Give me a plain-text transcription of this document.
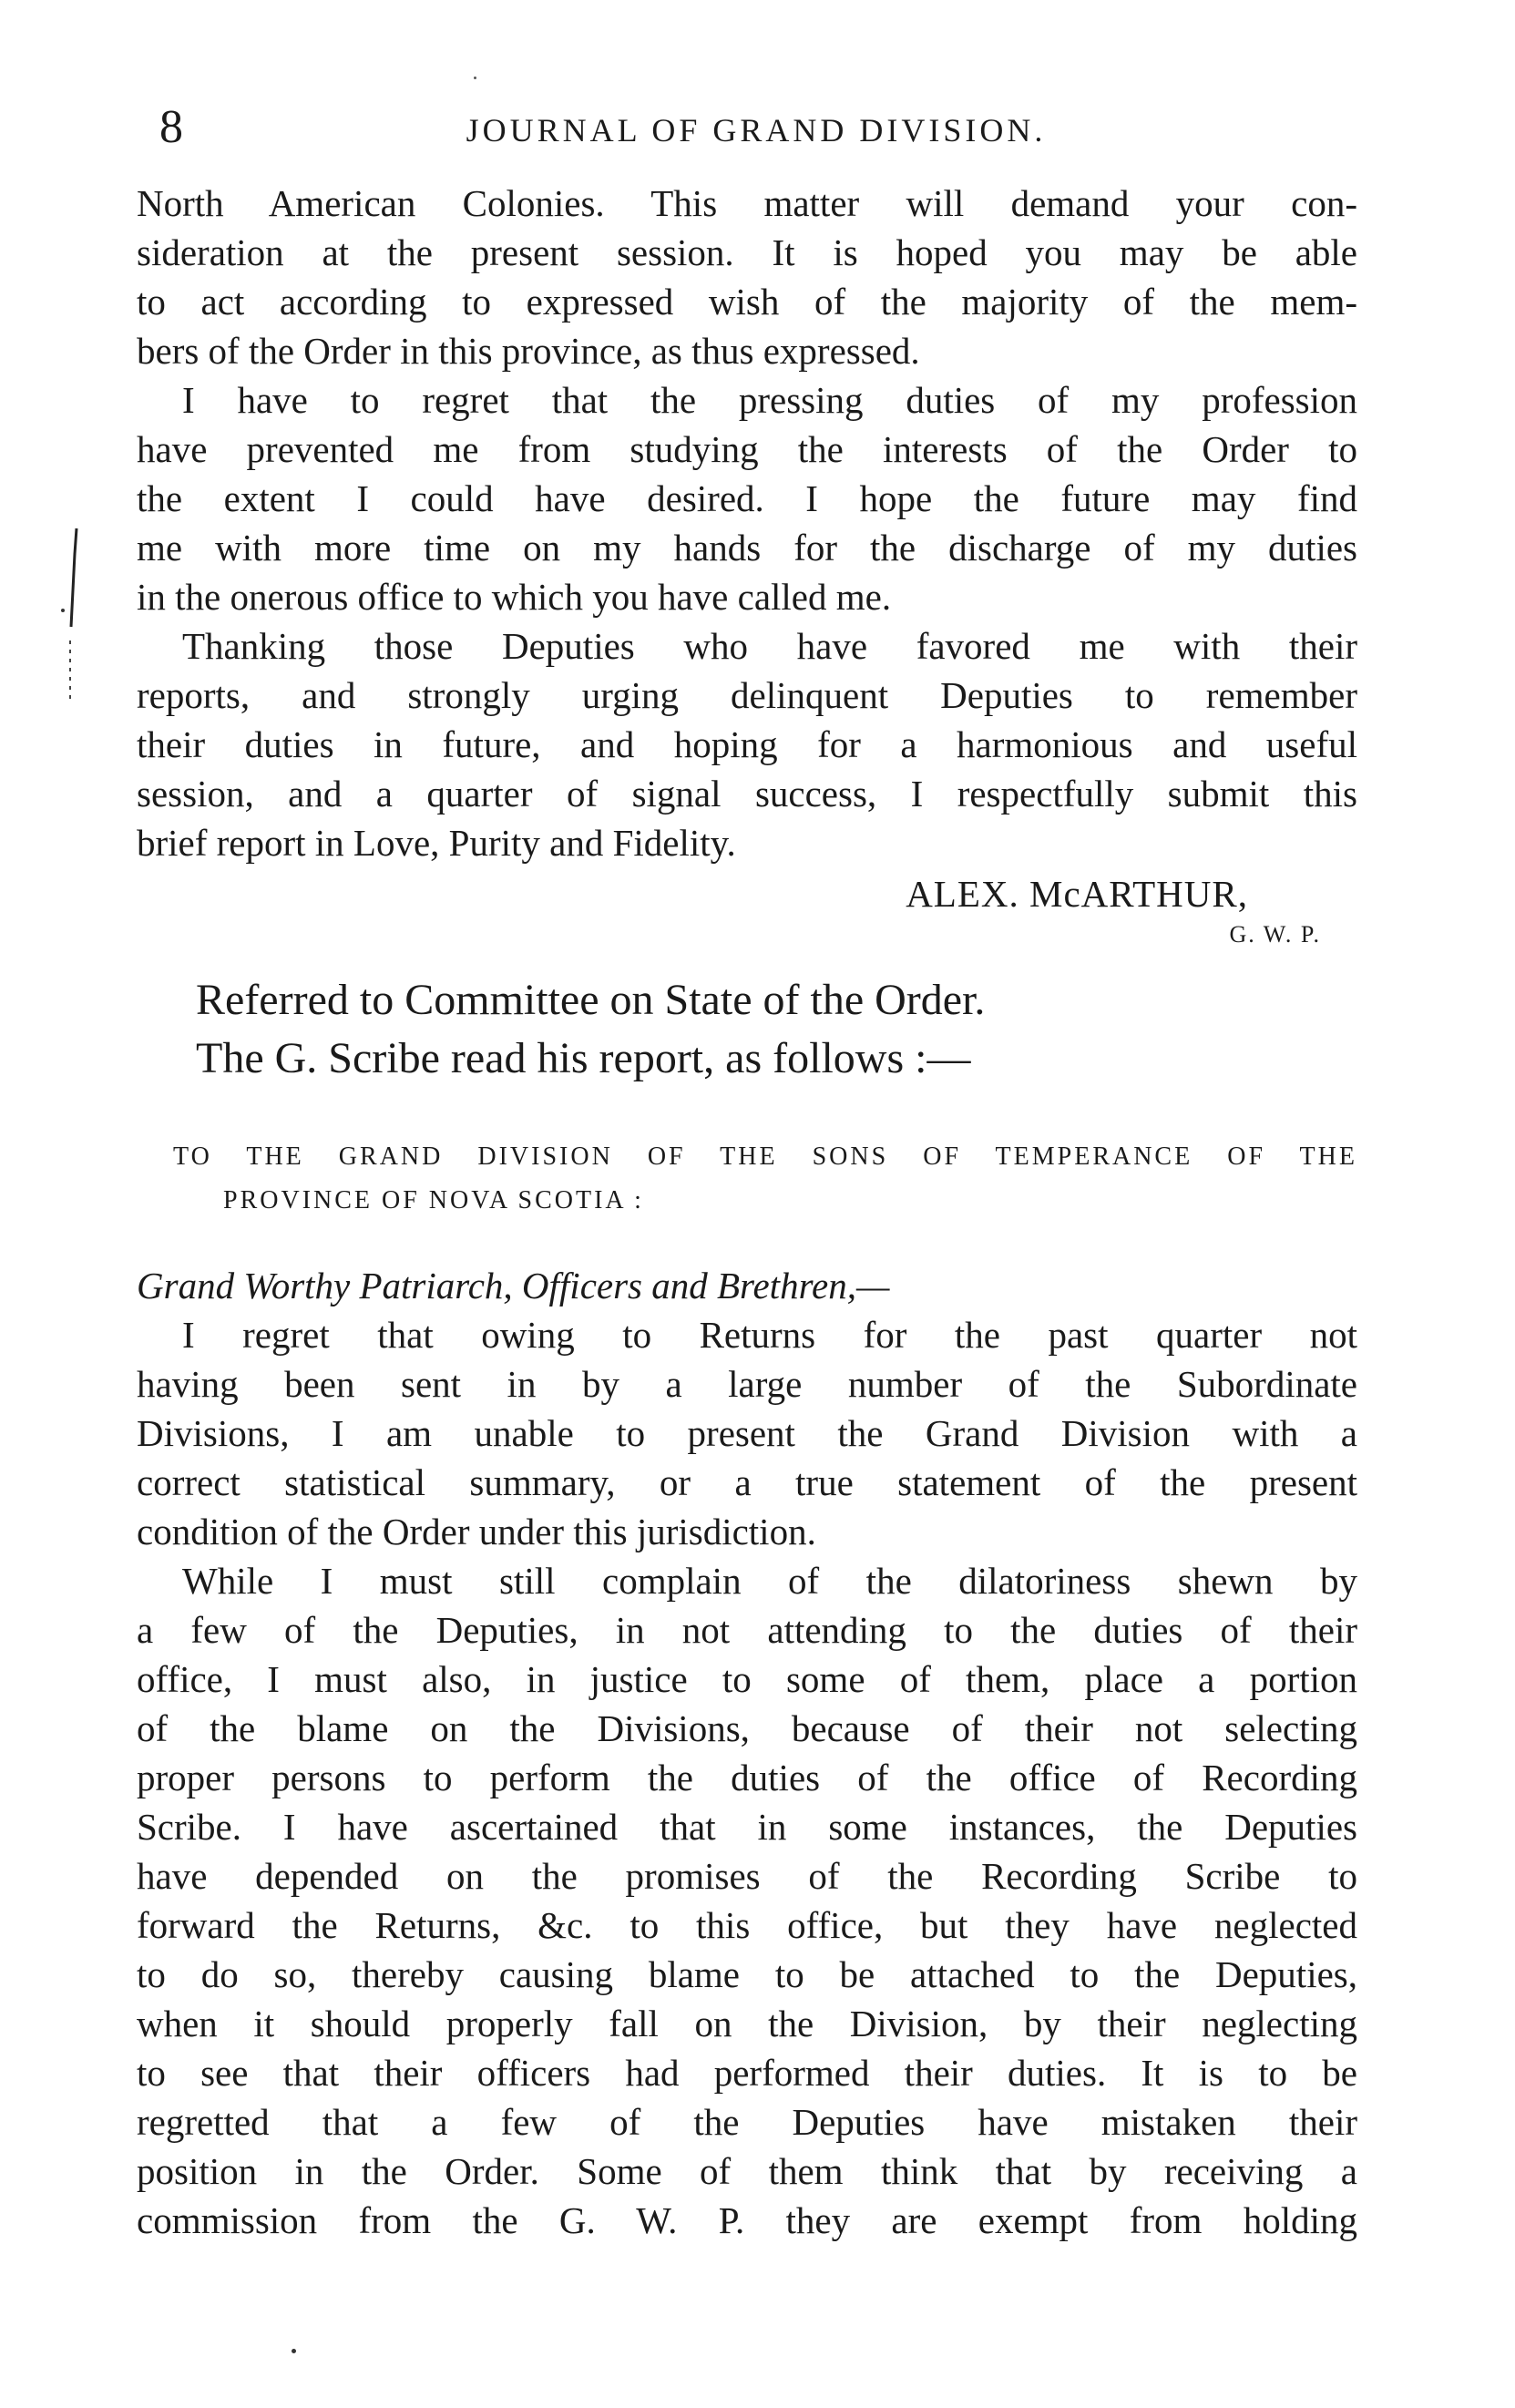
8	JOURNAL OF GRAND DIVISION.
North American Colonies. This matter will demand your con-
sideration at the present session. It is hoped you may be able
to act according to expressed wish of the majority of the mem-
bers of the Order in this province, as thus expressed.
I have to regret that the pressing duties of my profession
have prevented me from studying the interests of the Order to
the extent I could have desired. I hope the future may find
me with more time on my hands for the discharge of my duties
in the onerous office to which you have called me.
Thanking those Deputies who have favored me with their
reports, and strongly urging delinquent Deputies to remember
their duties in future, and hoping for a harmonious and useful
session, and a quarter of signal success, I respectfully submit this
brief report in Love, Purity and Fidelity.
ALEX. McARTHUR,
G. W. P.
Referred to Committee on State of the Order.
The G. Scribe read his report, as follows :—
TO THE GRAND DIVISION OF THE SONS OF TEMPERANCE OF THE
PROVINCE OF NOVA SCOTIA :
Grand Worthy Patriarch, Officers and Brethren,—
I regret that owing to Returns for the past quarter not
having been sent in by a large number of the Subordinate
Divisions, I am unable to present the Grand Division with a
correct statistical summary, or a true statement of the present
condition of the Order under this jurisdiction.
While I must still complain of the dilatoriness shewn by
a few of the Deputies, in not attending to the duties of their
office, I must also, in justice to some of them, place a portion
of the blame on the Divisions, because of their not selecting
proper persons to perform the duties of the office of Recording
Scribe. I have ascertained that in some instances, the Deputies
have depended on the promises of the Recording Scribe to
forward the Returns, &c. to this office, but they have neglected
to do so, thereby causing blame to be attached to the Deputies,
when it should properly fall on the Division, by their neglecting
to see that their officers had performed their duties. It is to be
regretted that a few of the Deputies have mistaken their
position in the Order. Some of them think that by receiving a
commission from the G. W. P. they are exempt from holding
